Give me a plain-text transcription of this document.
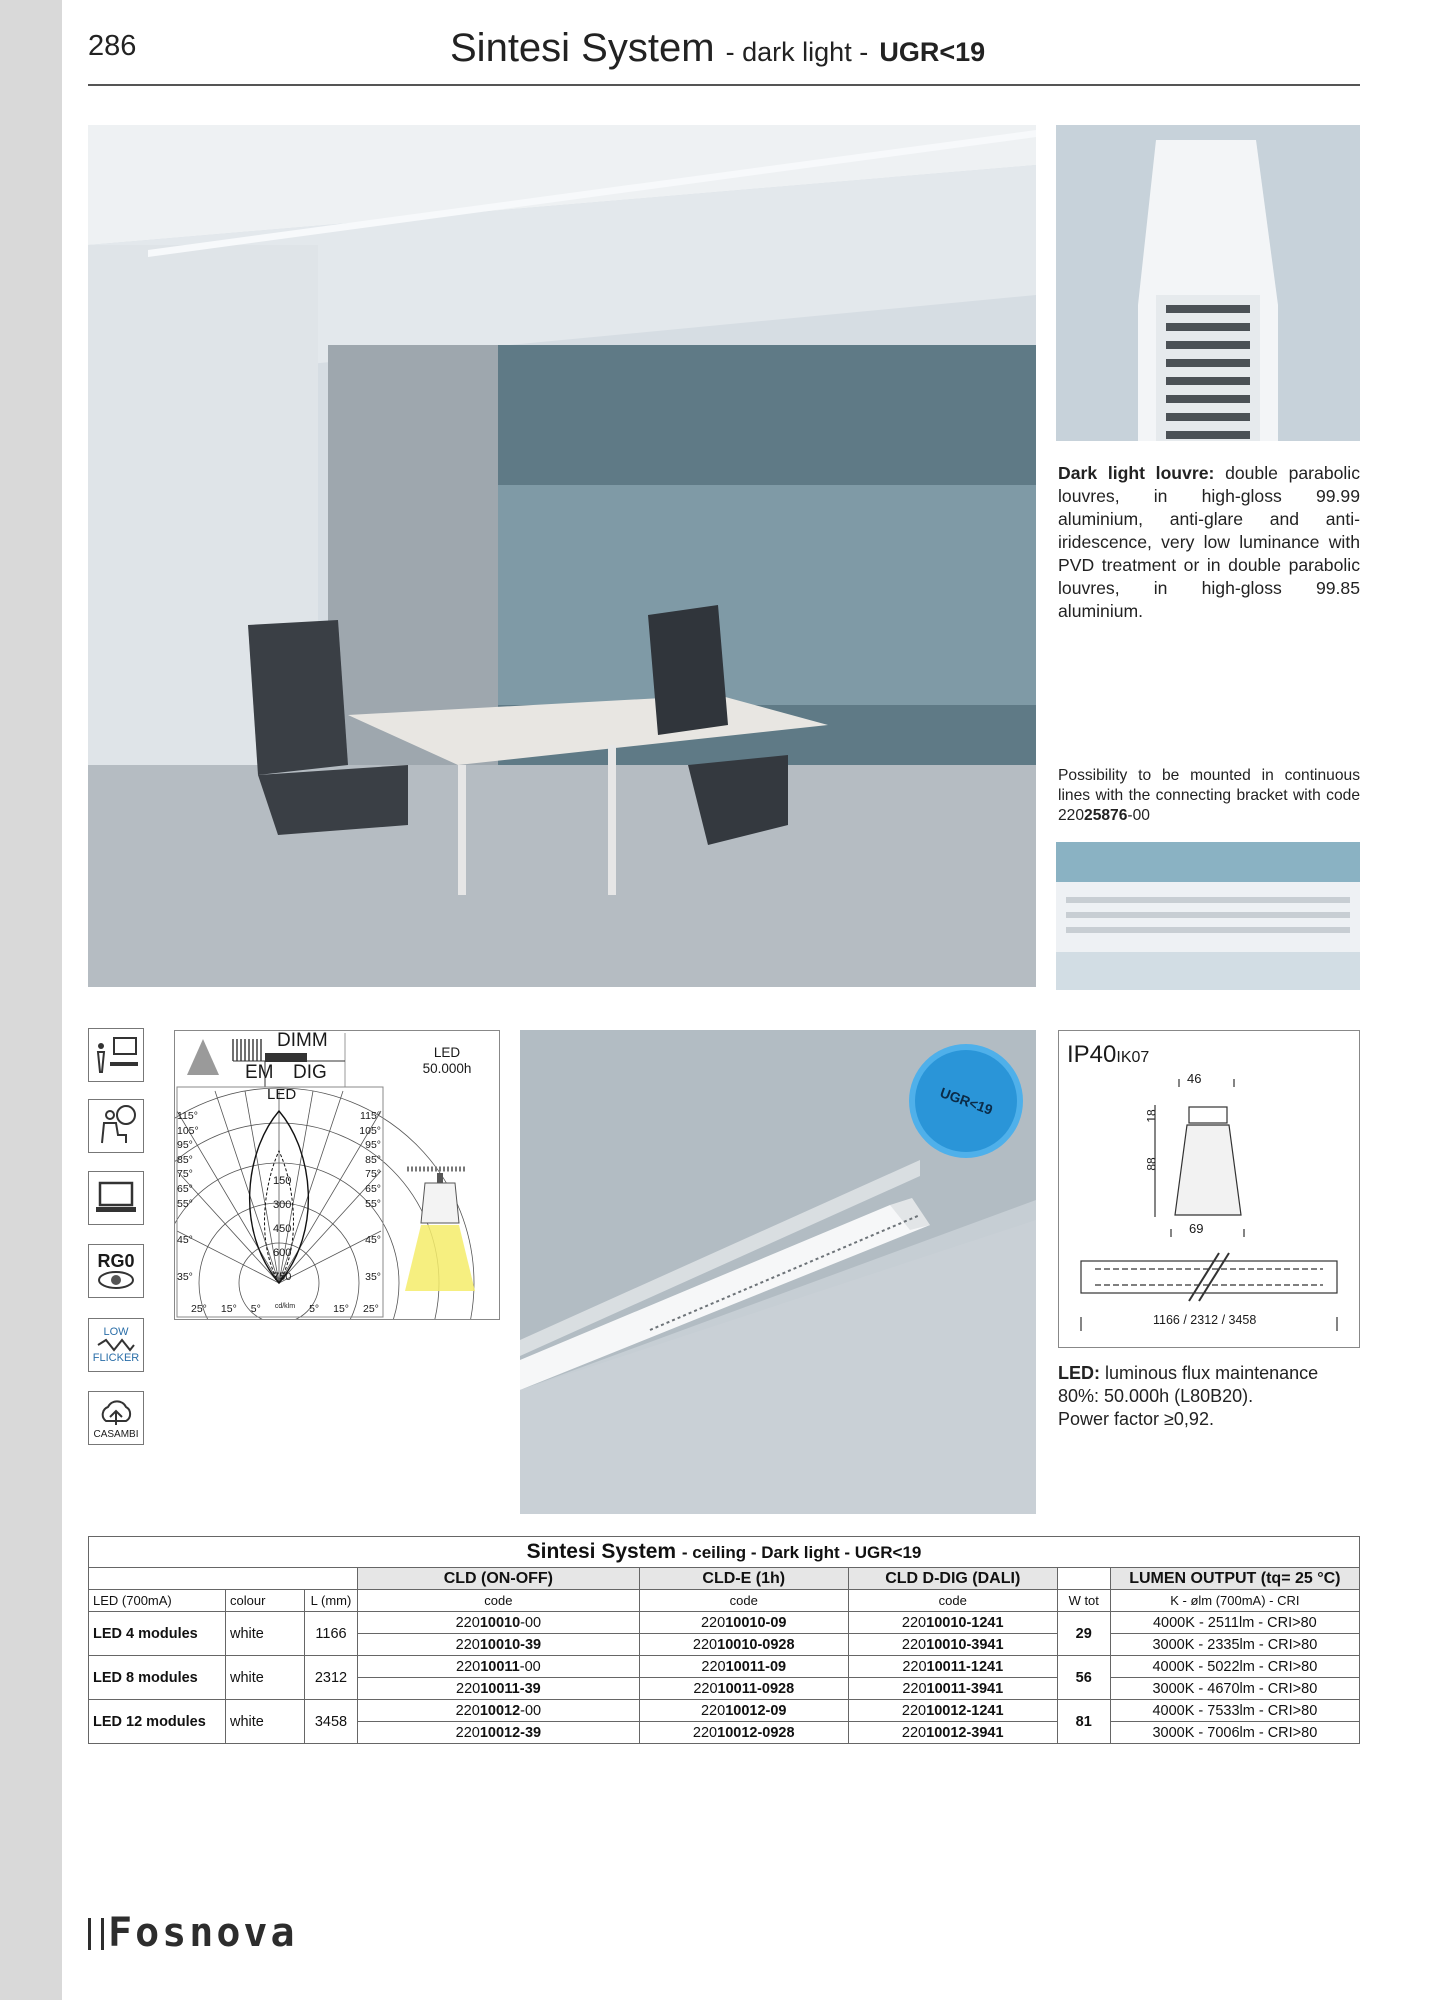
286	Sintesi System - dark light - UGR<19
Dark light louvre: double parabolic louvres, in high-gloss 99.99 aluminium, anti-glare and anti-iridescence, very low luminance with PVD treatment or in double parabolic louvres, in high-gloss 99.85 aluminium.
Possibility to be mounted in continuous lines with the connecting bracket with code 22025876-00
RG0
LOW
FLICKER
CASAMBI
DIMM
EM DIG
LED
LED
50.000h
115°
105°
95°
85°
75°
65°
55°
45°
35°
115°
105°
95°
85°
75°
65°
55°
45°
35°
25° 15° 5° cd/klm 5° 15° 25°
150
300
450
600
750
UGR<19
IP40IK07
46
18
88
69
1166 / 2312 / 3458
LED: luminous flux maintenance 80%: 50.000h (L80B20).
Power factor ≥0,92.
Sintesi System - ceiling - Dark light - UGR<19							
			CLD (ON-OFF)	CLD-E (1h)	CLD D-DIG (DALI)		LUMEN OUTPUT (tq= 25 °C)
LED (700mA)	colour	L (mm)	code	code	code	W tot	K - ølm (700mA) - CRI
LED 4 modules	white	1166	22010010-00	22010010-09	22010010-1241	29	4000K - 2511lm - CRI>80
			22010010-39	22010010-0928	22010010-3941		3000K - 2335lm - CRI>80
LED 8 modules	white	2312	22010011-00	22010011-09	22010011-1241	56	4000K - 5022lm - CRI>80
			22010011-39	22010011-0928	22010011-3941		3000K - 4670lm - CRI>80
LED 12 modules	white	3458	22010012-00	22010012-09	22010012-1241	81	4000K - 7533lm - CRI>80
			22010012-39	22010012-0928	22010012-3941		3000K - 7006lm - CRI>80
Fosnova
